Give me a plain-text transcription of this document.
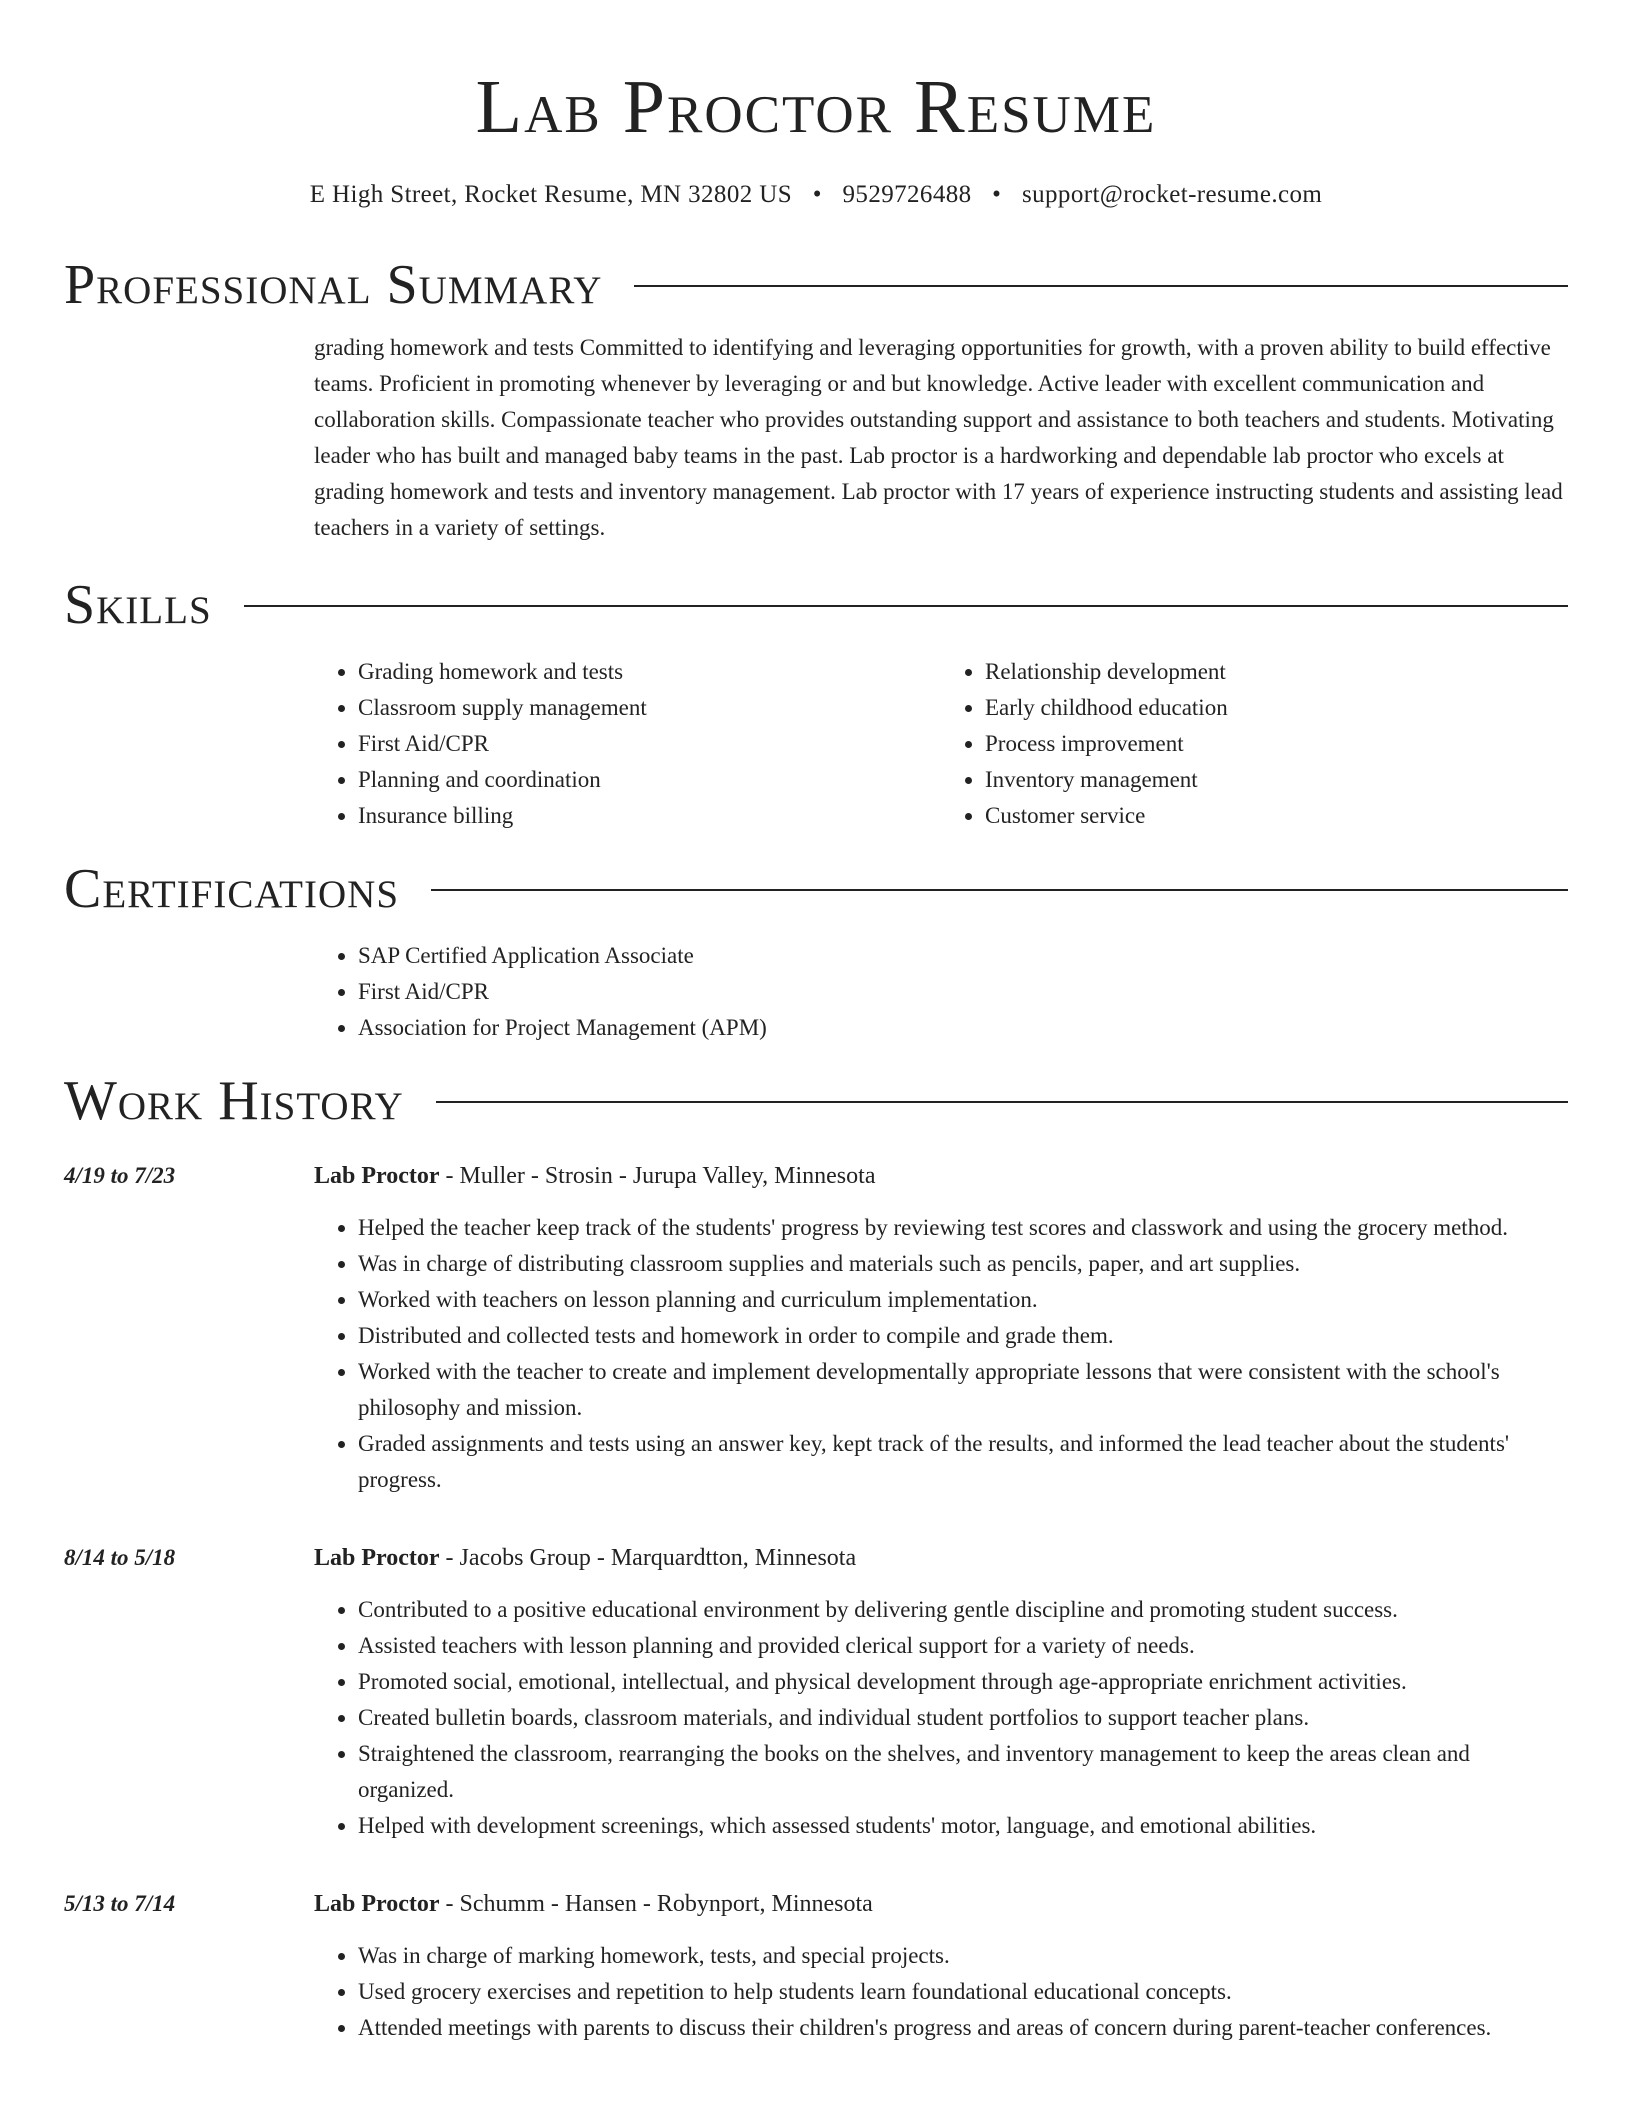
Lab Proctor Resume
E High Street, Rocket Resume, MN 32802 US • 9529726488 • support@rocket-resume.com
Professional Summary
grading homework and tests Committed to identifying and leveraging opportunities for growth, with a proven ability to build effective teams. Proficient in promoting whenever by leveraging or and but knowledge. Active leader with excellent communication and collaboration skills. Compassionate teacher who provides outstanding support and assistance to both teachers and students. Motivating leader who has built and managed baby teams in the past. Lab proctor is a hardworking and dependable lab proctor who excels at grading homework and tests and inventory management. Lab proctor with 17 years of experience instructing students and assisting lead teachers in a variety of settings.
Skills
• Grading homework and tests
• Classroom supply management
• First Aid/CPR
• Planning and coordination
• Insurance billing
• Relationship development
• Early childhood education
• Process improvement
• Inventory management
• Customer service
Certifications
• SAP Certified Application Associate
• First Aid/CPR
• Association for Project Management (APM)
Work History
4/19 to 7/23	Lab Proctor - Muller - Strosin - Jurupa Valley, Minnesota
• Helped the teacher keep track of the students' progress by reviewing test scores and classwork and using the grocery method.
• Was in charge of distributing classroom supplies and materials such as pencils, paper, and art supplies.
• Worked with teachers on lesson planning and curriculum implementation.
• Distributed and collected tests and homework in order to compile and grade them.
• Worked with the teacher to create and implement developmentally appropriate lessons that were consistent with the school's philosophy and mission.
• Graded assignments and tests using an answer key, kept track of the results, and informed the lead teacher about the students' progress.
8/14 to 5/18	Lab Proctor - Jacobs Group - Marquardtton, Minnesota
• Contributed to a positive educational environment by delivering gentle discipline and promoting student success.
• Assisted teachers with lesson planning and provided clerical support for a variety of needs.
• Promoted social, emotional, intellectual, and physical development through age-appropriate enrichment activities.
• Created bulletin boards, classroom materials, and individual student portfolios to support teacher plans.
• Straightened the classroom, rearranging the books on the shelves, and inventory management to keep the areas clean and organized.
• Helped with development screenings, which assessed students' motor, language, and emotional abilities.
5/13 to 7/14	Lab Proctor - Schumm - Hansen - Robynport, Minnesota
• Was in charge of marking homework, tests, and special projects.
• Used grocery exercises and repetition to help students learn foundational educational concepts.
• Attended meetings with parents to discuss their children's progress and areas of concern during parent-teacher conferences.
